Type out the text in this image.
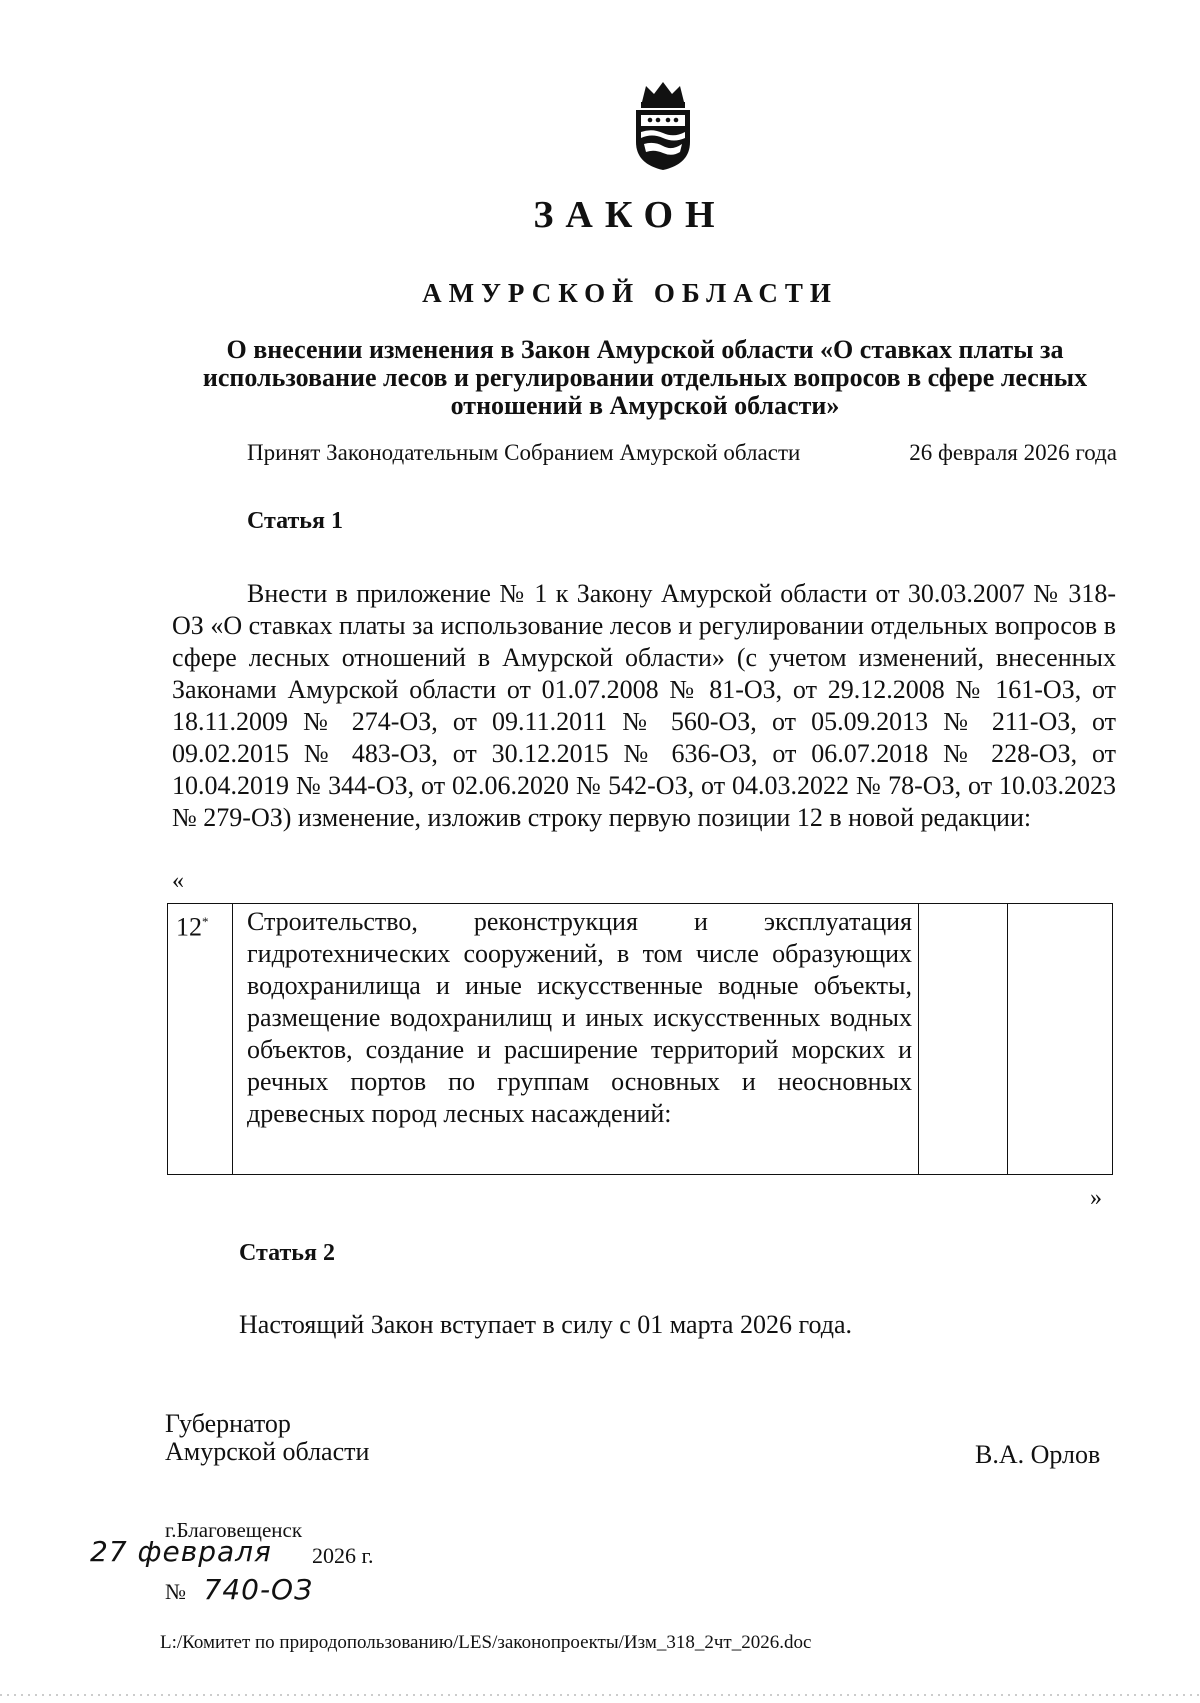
ЗАКОН
АМУРСКОЙ ОБЛАСТИ
О внесении изменения в Закон Амурской области «О ставках платы за использование лесов и регулировании отдельных вопросов в сфере лесных отношений в Амурской области»
Принят Законодательным Собранием Амурской области	26 февраля 2026 года
Статья 1
Внести в приложение № 1 к Закону Амурской области от 30.03.2007 № 318-ОЗ «О ставках платы за использование лесов и регулировании отдельных вопросов в сфере лесных отношений в Амурской области» (с учетом изменений, внесенных Законами Амурской области от 01.07.2008 № 81-ОЗ, от 29.12.2008 № 161-ОЗ, от 18.11.2009 № 274-ОЗ, от 09.11.2011 № 560-ОЗ, от 05.09.2013 № 211-ОЗ, от 09.02.2015 № 483-ОЗ, от 30.12.2015 № 636-ОЗ, от 06.07.2018 № 228-ОЗ, от 10.04.2019 № 344-ОЗ, от 02.06.2020 № 542-ОЗ, от 04.03.2022 № 78-ОЗ, от 10.03.2023 № 279-ОЗ) изменение, изложив строку первую позиции 12 в новой редакции:
«
12*	Строительство, реконструкция и эксплуатация гидротехнических сооружений, в том числе образующих водохранилища и иные искусственные водные объекты, размещение водохранилищ и иных искусственных водных объектов, создание и расширение территорий морских и речных портов по группам основных и неосновных древесных пород лесных насаждений:		
»
Статья 2
Настоящий Закон вступает в силу с 01 марта 2026 года.
Губернатор
Амурской области	В.А. Орлов
г.Благовещенск
27 февраля 2026 г.
№ 740-ОЗ
L:/Комитет по природопользованию/LES/законопроекты/Изм_318_2чт_2026.doc
